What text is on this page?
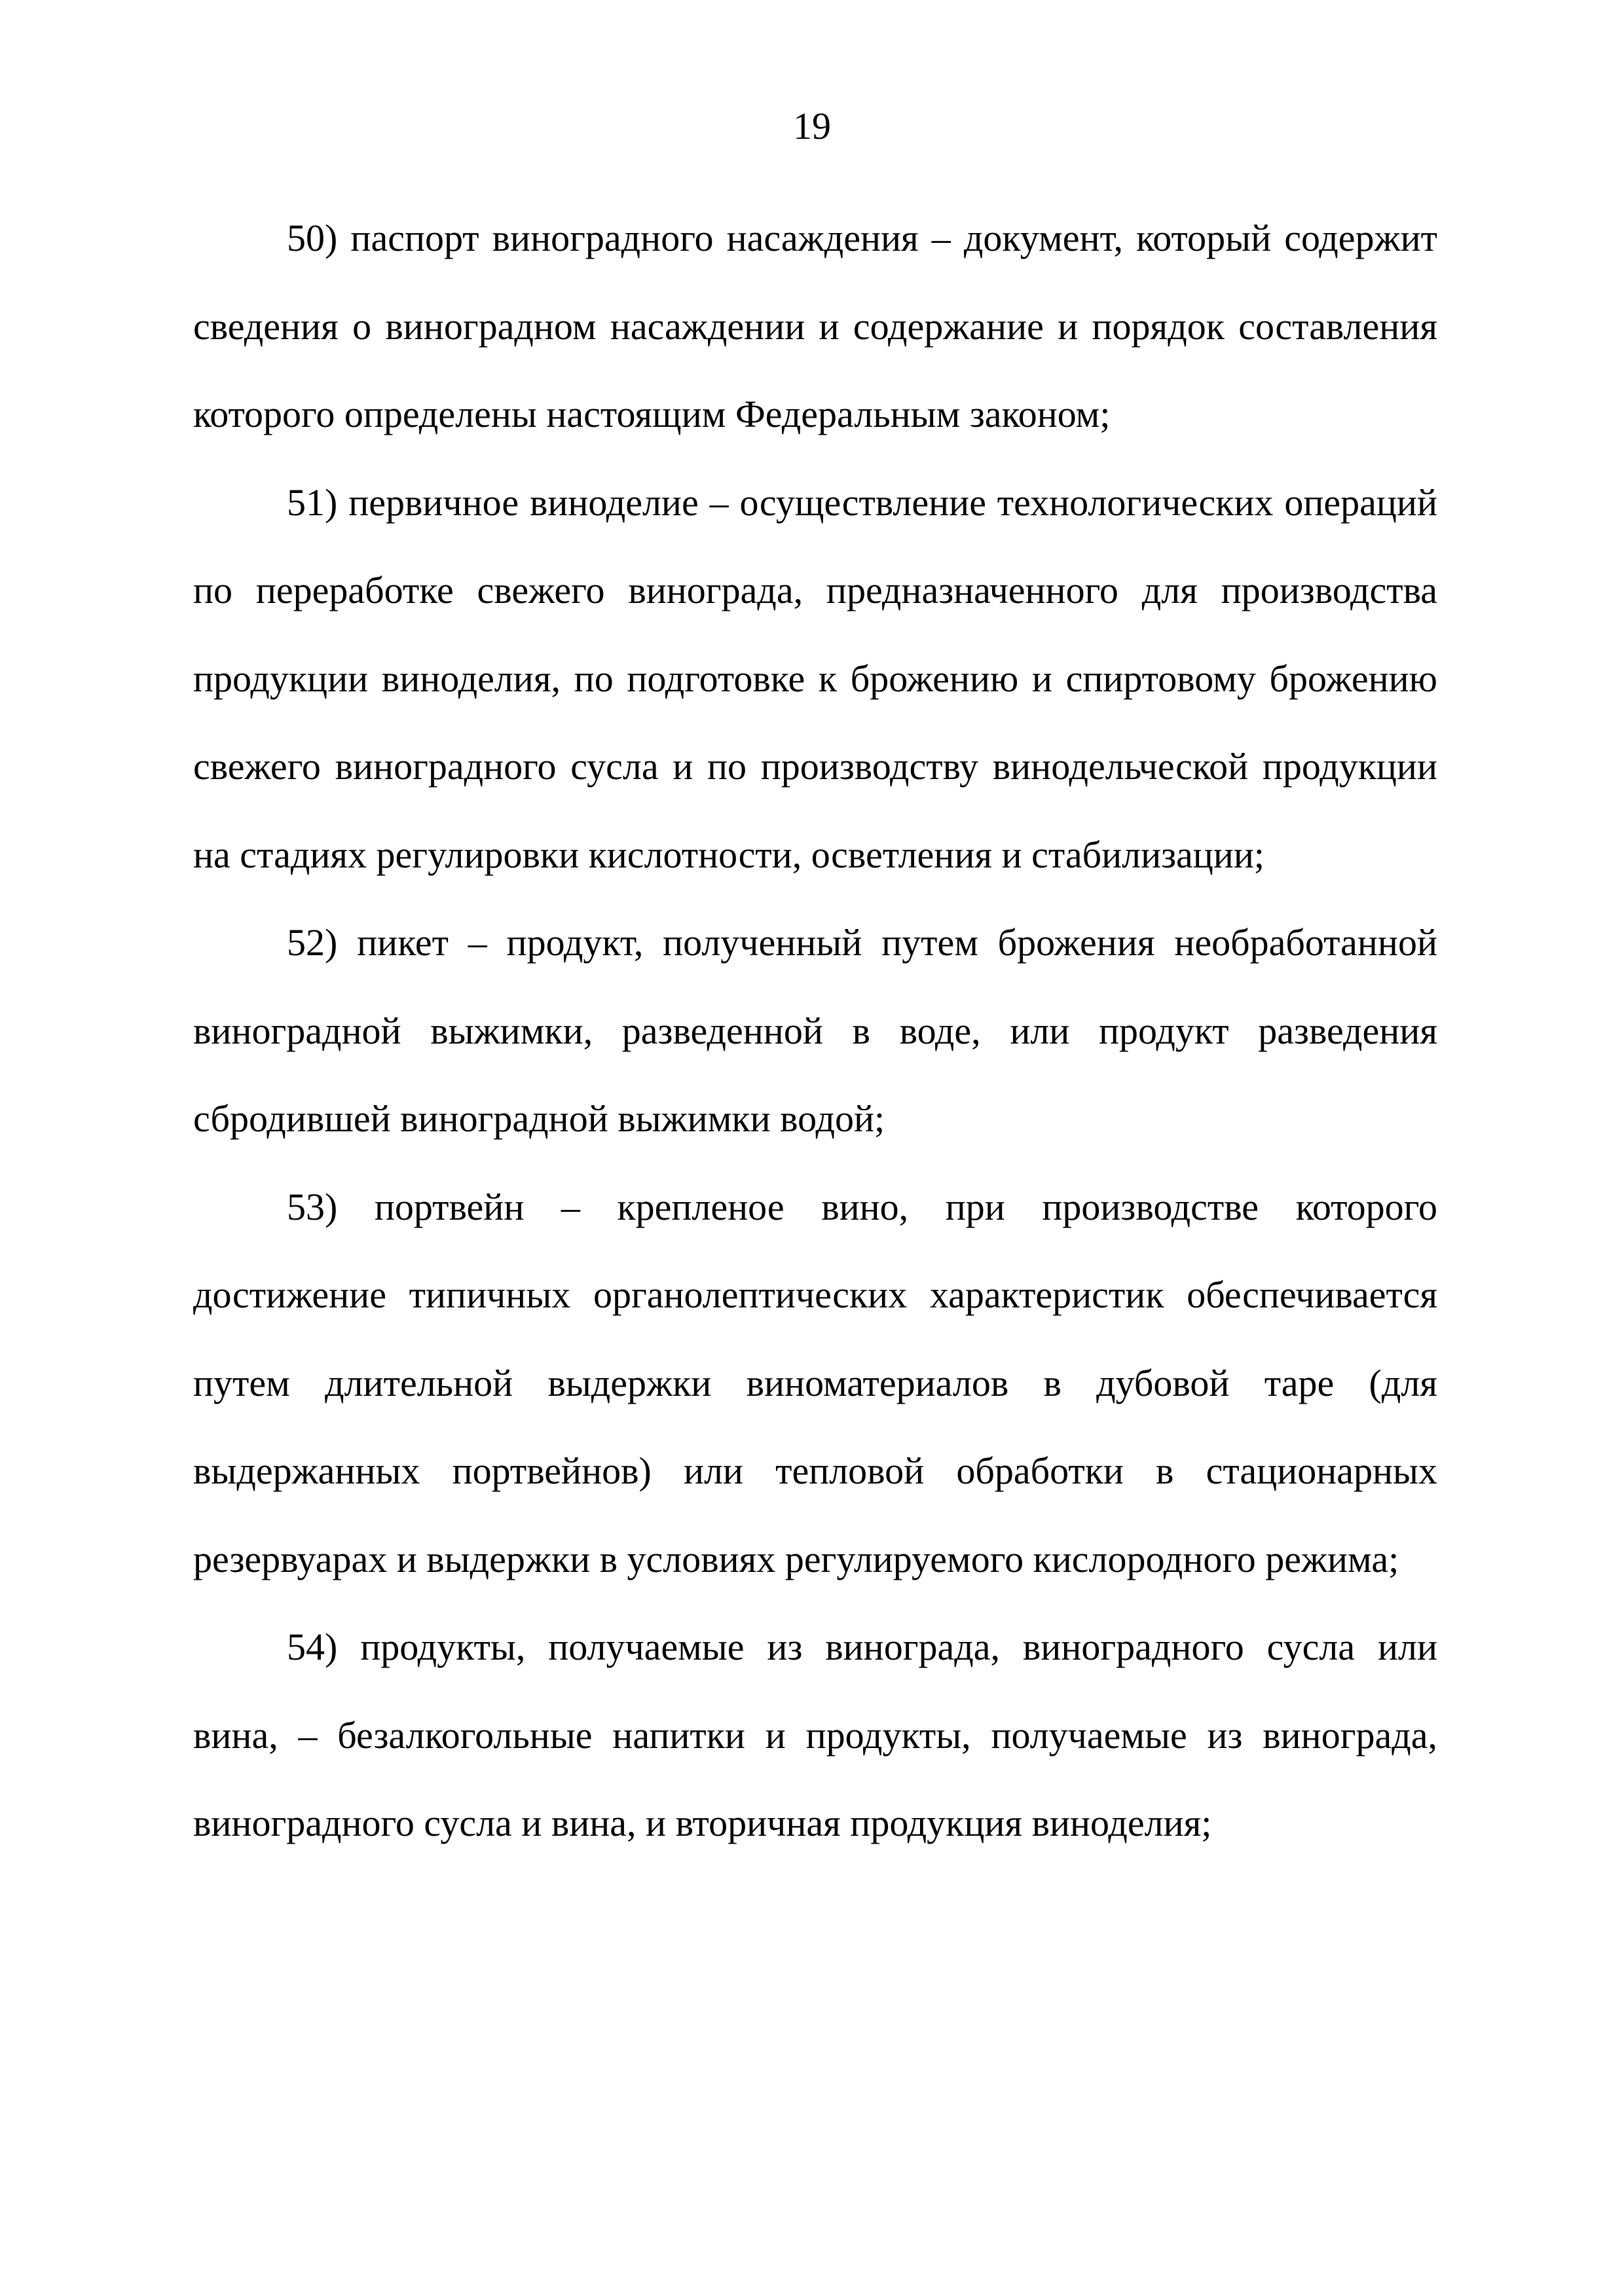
19

50) паспорт виноградного насаждения – документ, который содержит сведения о виноградном насаждении и содержание и порядок составления которого определены настоящим Федеральным законом;

51) первичное виноделие – осуществление технологических операций по переработке свежего винограда, предназначенного для производства продукции виноделия, по подготовке к брожению и спиртовому брожению свежего виноградного сусла и по производству винодельческой продукции на стадиях регулировки кислотности, осветления и стабилизации;

52) пикет – продукт, полученный путем брожения необработанной виноградной выжимки, разведенной в воде, или продукт разведения сбродившей виноградной выжимки водой;

53) портвейн – крепленое вино, при производстве которого достижение типичных органолептических характеристик обеспечивается путем длительной выдержки виноматериалов в дубовой таре (для выдержанных портвейнов) или тепловой обработки в стационарных резервуарах и выдержки в условиях регулируемого кислородного режима;

54) продукты, получаемые из винограда, виноградного сусла или вина, – безалкогольные напитки и продукты, получаемые из винограда, виноградного сусла и вина, и вторичная продукция виноделия;
